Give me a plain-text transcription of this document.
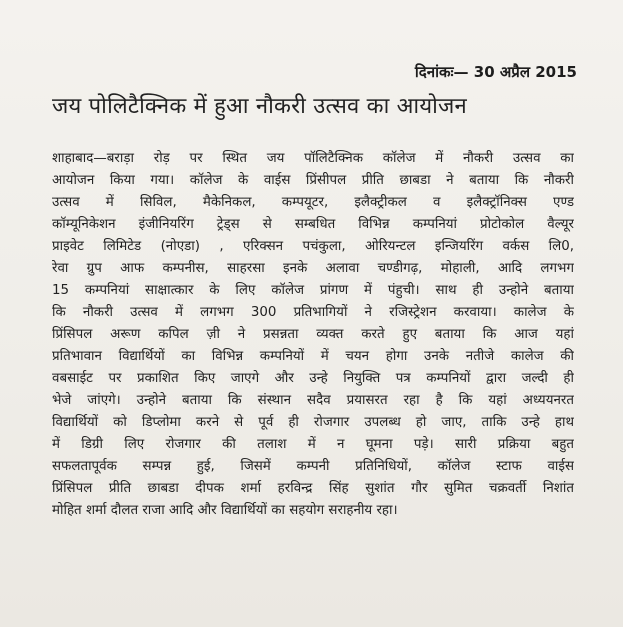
दिनांकः— 30 अप्रैल 2015
जय पोलिटैक्निक में हुआ नौकरी उत्सव का आयोजन
शाहाबाद—बराड़ा रोड़ पर स्थित जय पॉलिटैक्निक कॉलेज में नौकरी उत्सव का
आयोजन किया गया। कॉलेज के वाईस प्रिंसीपल प्रीति छाबडा ने बताया कि नौकरी
उत्सव में सिविल, मैकेनिकल, कम्पयूटर, इलैक्ट्रीकल व इलैक्ट्रॉनिक्स एण्ड
कॉम्यूनिकेशन इंजीनियरिंग ट्रेड्स से सम्बधित विभिन्न कम्पनियां प्रोटोकोल वैल्यूर
प्राइवेट लिमिटेड (नोएडा) , एरिक्सन पचंकुला, ओरियन्टल इन्जियरिंग वर्कस लि0,
रेवा ग्रुप आफ कम्पनीस, साहरसा इनके अलावा चण्डीगढ़, मोहाली, आदि लगभग
15 कम्पनियां साक्षात्कार के लिए कॉलेज प्रांगण में पंहुची। साथ ही उन्होने बताया
कि नौकरी उत्सव में लगभग 300 प्रतिभागियों ने रजिस्ट्रेशन करवाया। कालेज के
प्रिंसिपल अरूण कपिल ज़ी ने प्रसन्नता व्यक्त करते हुए बताया कि आज यहां
प्रतिभावान विद्यार्थियों का विभिन्न कम्पनियों में चयन होगा उनके नतीजे कालेज की
वबसाईट पर प्रकाशित किए जाएगे और उन्हे नियुक्ति पत्र कम्पनियों द्वारा जल्दी ही
भेजे जांएगे। उन्होने बताया कि संस्थान सदैव प्रयासरत रहा है कि यहां अध्ययनरत
विद्यार्थियों को डिप्लोमा करने से पूर्व ही रोजगार उपलब्ध हो जाए, ताकि उन्हे हाथ
में डिग्री लिए रोजगार की तलाश में न घूमना पड़े। सारी प्रक्रिया बहुत
सफलतापूर्वक सम्पन्न हुई, जिसमें कम्पनी प्रतिनिधियों, कॉलेज स्टाफ वाईस
प्रिंसिपल प्रीति छाबडा दीपक शर्मा हरविन्द्र सिंह सुशांत गौर सुमित चक्रवर्ती निशांत
मोहित शर्मा दौलत राजा आदि और विद्यार्थियों का सहयोग सराहनीय रहा।
